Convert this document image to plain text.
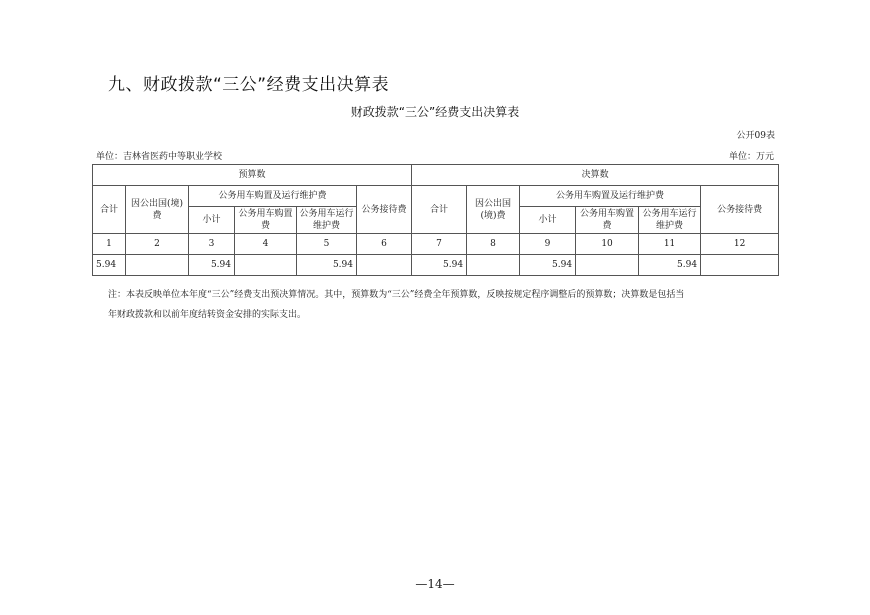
九、财政拨款“三公”经费支出决算表
财政拨款“三公”经费支出决算表
公开09表
单位：吉林省医药中等职业学校	单位：万元
预算数						决算数					
合计	因公出国(境)费	公务用车购置及运行维护费			公务接待费	合计	因公出国(境)费	公务用车购置及运行维护费			公务接待费
		小计	公务用车购置费	公务用车运行维护费				小计	公务用车购置费	公务用车运行维护费	
1	2	3	4	5	6	7	8	9	10	11	12
5.94		5.94		5.94		5.94		5.94		5.94	
注：本表反映单位本年度“三公”经费支出预决算情况。其中，预算数为“三公”经费全年预算数，反映按规定程序调整后的预算数；决算数是包括当
年财政拨款和以前年度结转资金安排的实际支出。
—14—
